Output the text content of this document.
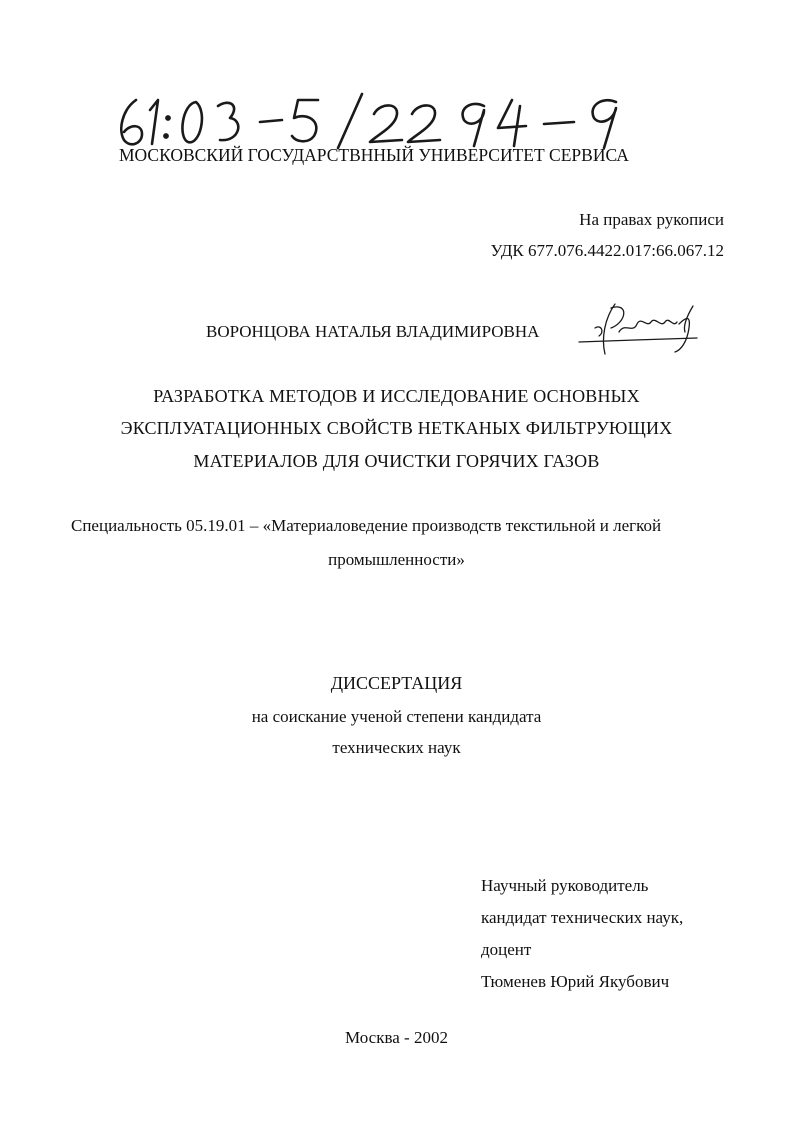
МОСКОВСКИЙ ГОСУДАРСТВННЫЙ УНИВЕРСИТЕТ СЕРВИСА
На правах рукописи
УДК 677.076.4422.017:66.067.12
ВОРОНЦОВА НАТАЛЬЯ ВЛАДИМИРОВНА
РАЗРАБОТКА МЕТОДОВ И ИССЛЕДОВАНИЕ ОСНОВНЫХ
ЭКСПЛУАТАЦИОННЫХ СВОЙСТВ НЕТКАНЫХ ФИЛЬТРУЮЩИХ
МАТЕРИАЛОВ ДЛЯ ОЧИСТКИ ГОРЯЧИХ ГАЗОВ
Специальность 05.19.01 – «Материаловедение производств текстильной и легкой
промышленности»
ДИССЕРТАЦИЯ
на соискание ученой степени кандидата
технических наук
Научный руководитель
кандидат технических наук,
доцент
Тюменев Юрий Якубович
Москва - 2002
